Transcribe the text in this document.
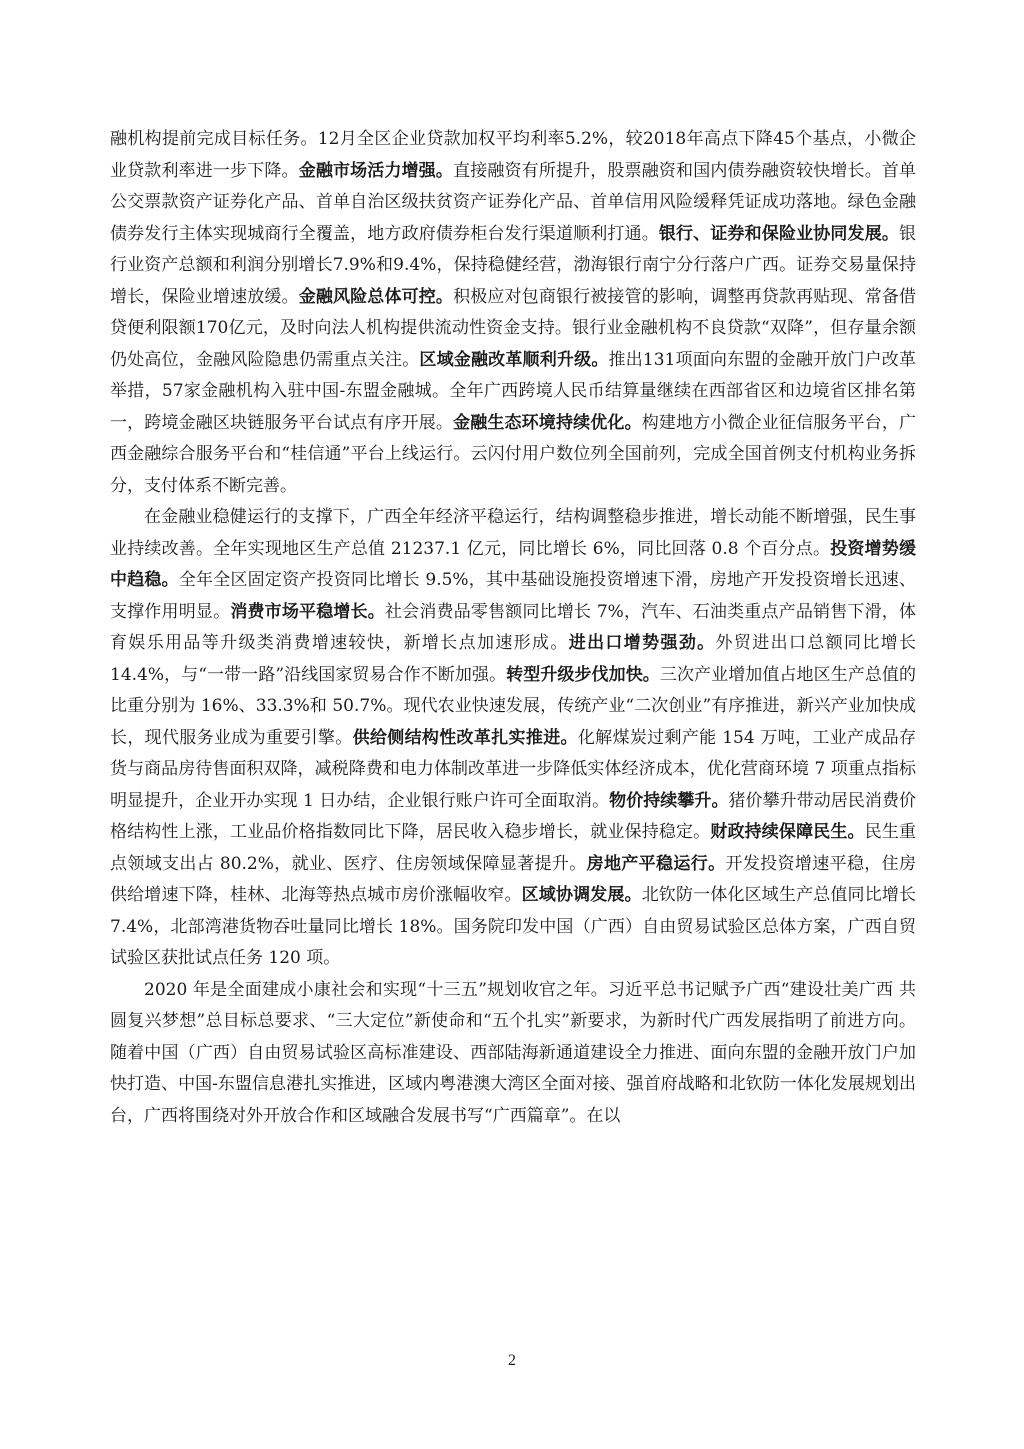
融机构提前完成目标任务。12月全区企业贷款加权平均利率5.2%，较2018年高点下降45个基点，小微企业贷款利率进一步下降。金融市场活力增强。直接融资有所提升，股票融资和国内债券融资较快增长。首单公交票款资产证券化产品、首单自治区级扶贫资产证券化产品、首单信用风险缓释凭证成功落地。绿色金融债券发行主体实现城商行全覆盖，地方政府债券柜台发行渠道顺利打通。银行、证券和保险业协同发展。银行业资产总额和利润分别增长7.9%和9.4%，保持稳健经营，渤海银行南宁分行落户广西。证券交易量保持增长，保险业增速放缓。金融风险总体可控。积极应对包商银行被接管的影响，调整再贷款再贴现、常备借贷便利限额170亿元，及时向法人机构提供流动性资金支持。银行业金融机构不良贷款“双降”，但存量余额仍处高位，金融风险隐患仍需重点关注。区域金融改革顺利升级。推出131项面向东盟的金融开放门户改革举措，57家金融机构入驻中国-东盟金融城。全年广西跨境人民币结算量继续在西部省区和边境省区排名第一，跨境金融区块链服务平台试点有序开展。金融生态环境持续优化。构建地方小微企业征信服务平台，广西金融综合服务平台和“桂信通”平台上线运行。云闪付用户数位列全国前列，完成全国首例支付机构业务拆分，支付体系不断完善。

在金融业稳健运行的支撑下，广西全年经济平稳运行，结构调整稳步推进，增长动能不断增强，民生事业持续改善。全年实现地区生产总值 21237.1 亿元，同比增长 6%，同比回落 0.8 个百分点。投资增势缓中趋稳。全年全区固定资产投资同比增长 9.5%，其中基础设施投资增速下滑，房地产开发投资增长迅速、支撑作用明显。消费市场平稳增长。社会消费品零售额同比增长 7%，汽车、石油类重点产品销售下滑，体育娱乐用品等升级类消费增速较快，新增长点加速形成。进出口增势强劲。外贸进出口总额同比增长 14.4%，与“一带一路”沿线国家贸易合作不断加强。转型升级步伐加快。三次产业增加值占地区生产总值的比重分别为 16%、33.3%和 50.7%。现代农业快速发展，传统产业“二次创业”有序推进，新兴产业加快成长，现代服务业成为重要引擎。供给侧结构性改革扎实推进。化解煤炭过剩产能 154 万吨，工业产成品存货与商品房待售面积双降，减税降费和电力体制改革进一步降低实体经济成本，优化营商环境 7 项重点指标明显提升，企业开办实现 1 日办结，企业银行账户许可全面取消。物价持续攀升。猪价攀升带动居民消费价格结构性上涨，工业品价格指数同比下降，居民收入稳步增长，就业保持稳定。财政持续保障民生。民生重点领域支出占 80.2%，就业、医疗、住房领域保障显著提升。房地产平稳运行。开发投资增速平稳，住房供给增速下降，桂林、北海等热点城市房价涨幅收窄。区域协调发展。北钦防一体化区域生产总值同比增长 7.4%，北部湾港货物吞吐量同比增长 18%。国务院印发中国（广西）自由贸易试验区总体方案，广西自贸试验区获批试点任务 120 项。

2020 年是全面建成小康社会和实现“十三五”规划收官之年。习近平总书记赋予广西“建设壮美广西 共圆复兴梦想”总目标总要求、“三大定位”新使命和“五个扎实”新要求，为新时代广西发展指明了前进方向。随着中国（广西）自由贸易试验区高标准建设、西部陆海新通道建设全力推进、面向东盟的金融开放门户加快打造、中国-东盟信息港扎实推进，区域内粤港澳大湾区全面对接、强首府战略和北钦防一体化发展规划出台，广西将围绕对外开放合作和区域融合发展书写“广西篇章”。在以

2
